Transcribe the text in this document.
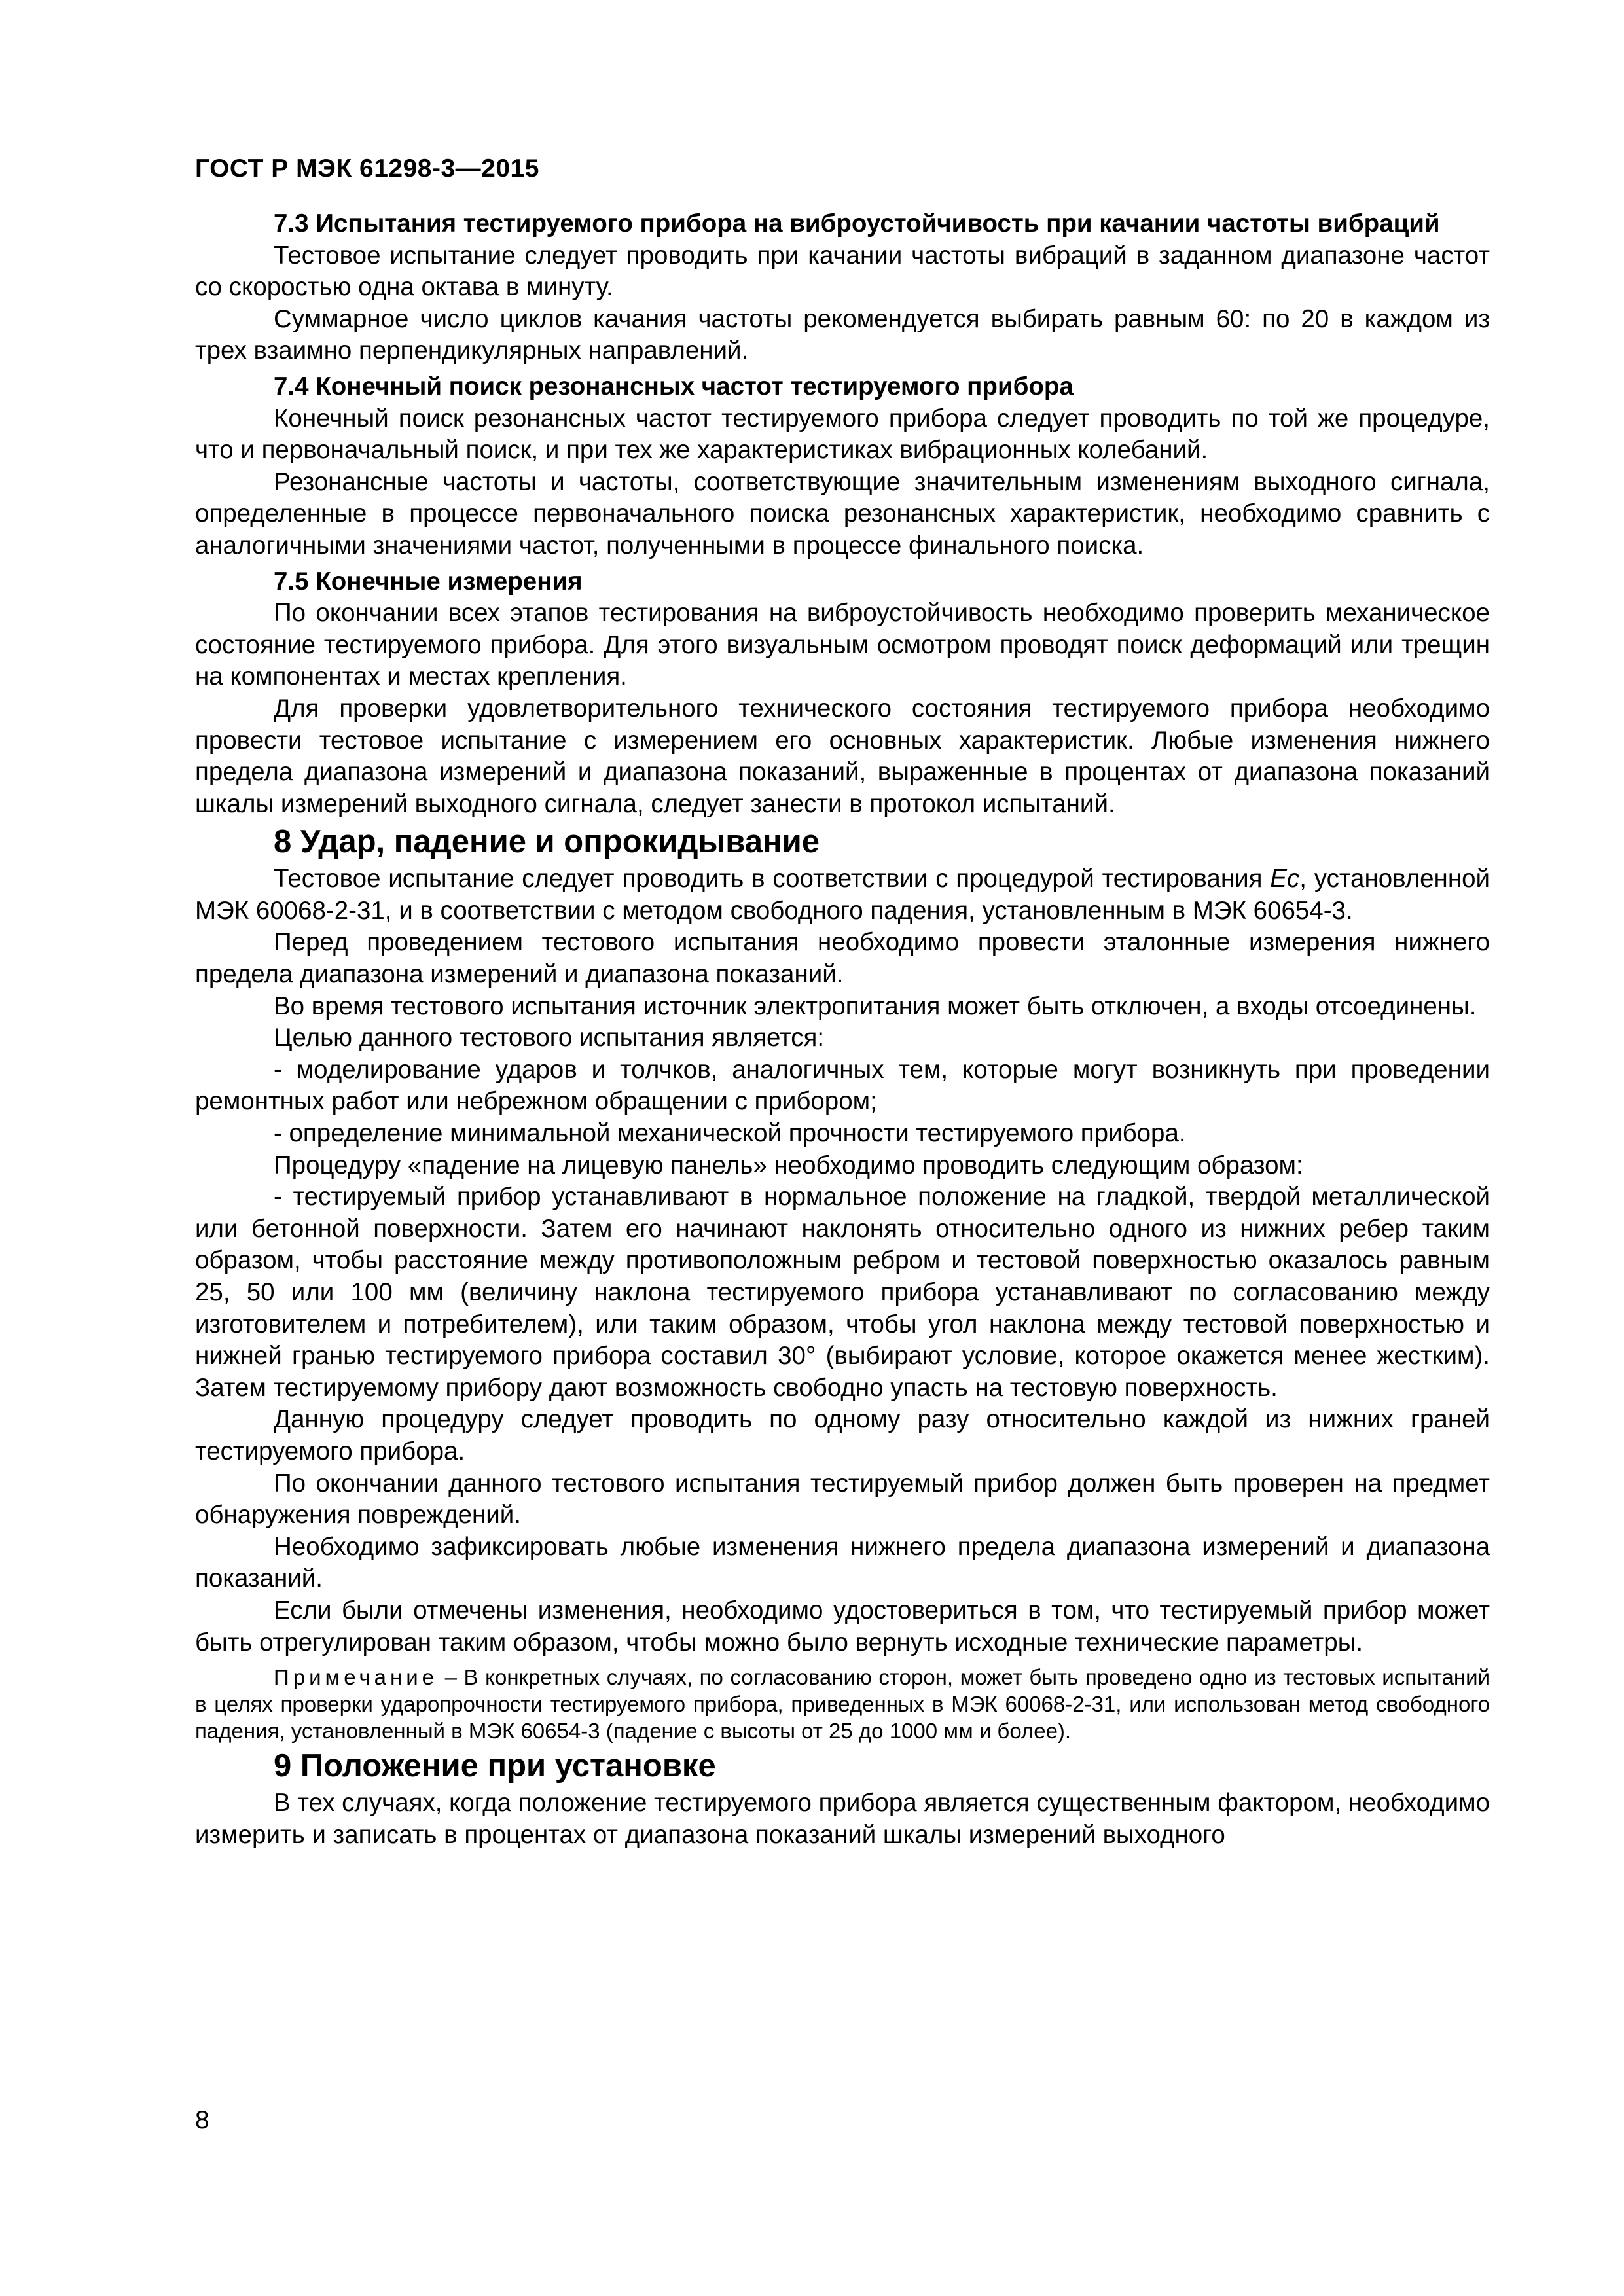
ГОСТ Р МЭК 61298-3—2015

7.3 Испытания тестируемого прибора на виброустойчивость при качании частоты вибраций

Тестовое испытание следует проводить при качании частоты вибраций в заданном диапазоне частот со скоростью одна октава в минуту.

Суммарное число циклов качания частоты рекомендуется выбирать равным 60: по 20 в каждом из трех взаимно перпендикулярных направлений.

7.4 Конечный поиск резонансных частот тестируемого прибора

Конечный поиск резонансных частот тестируемого прибора следует проводить по той же процедуре, что и первоначальный поиск, и при тех же характеристиках вибрационных колебаний.

Резонансные частоты и частоты, соответствующие значительным изменениям выходного сигнала, определенные в процессе первоначального поиска резонансных характеристик, необходимо сравнить с аналогичными значениями частот, полученными в процессе финального поиска.

7.5 Конечные измерения

По окончании всех этапов тестирования на виброустойчивость необходимо проверить механическое состояние тестируемого прибора. Для этого визуальным осмотром проводят поиск деформаций или трещин на компонентах и местах крепления.

Для проверки удовлетворительного технического состояния тестируемого прибора необходимо провести тестовое испытание с измерением его основных характеристик. Любые изменения нижнего предела диапазона измерений и диапазона показаний, выраженные в процентах от диапазона показаний шкалы измерений выходного сигнала, следует занести в протокол испытаний.

8 Удар, падение и опрокидывание

Тестовое испытание следует проводить в соответствии с процедурой тестирования Ec, установленной МЭК 60068-2-31, и в соответствии с методом свободного падения, установленным в МЭК 60654-3.

Перед проведением тестового испытания необходимо провести эталонные измерения нижнего предела диапазона измерений и диапазона показаний.

Во время тестового испытания источник электропитания может быть отключен, а входы отсоединены.

Целью данного тестового испытания является:

- моделирование ударов и толчков, аналогичных тем, которые могут возникнуть при проведении ремонтных работ или небрежном обращении с прибором;

- определение минимальной механической прочности тестируемого прибора.

Процедуру «падение на лицевую панель» необходимо проводить следующим образом:

- тестируемый прибор устанавливают в нормальное положение на гладкой, твердой металлической или бетонной поверхности. Затем его начинают наклонять относительно одного из нижних ребер таким образом, чтобы расстояние между противоположным ребром и тестовой поверхностью оказалось равным 25, 50 или 100 мм (величину наклона тестируемого прибора устанавливают по согласованию между изготовителем и потребителем), или таким образом, чтобы угол наклона между тестовой поверхностью и нижней гранью тестируемого прибора составил 30° (выбирают условие, которое окажется менее жестким). Затем тестируемому прибору дают возможность свободно упасть на тестовую поверхность.

Данную процедуру следует проводить по одному разу относительно каждой из нижних граней тестируемого прибора.

По окончании данного тестового испытания тестируемый прибор должен быть проверен на предмет обнаружения повреждений.

Необходимо зафиксировать любые изменения нижнего предела диапазона измерений и диапазона показаний.

Если были отмечены изменения, необходимо удостовериться в том, что тестируемый прибор может быть отрегулирован таким образом, чтобы можно было вернуть исходные технические параметры.

Примечание – В конкретных случаях, по согласованию сторон, может быть проведено одно из тестовых испытаний в целях проверки ударопрочности тестируемого прибора, приведенных в МЭК 60068-2-31, или использован метод свободного падения, установленный в МЭК 60654-3 (падение с высоты от 25 до 1000 мм и более).

9 Положение при установке

В тех случаях, когда положение тестируемого прибора является существенным фактором, необходимо измерить и записать в процентах от диапазона показаний шкалы измерений выходного

8
